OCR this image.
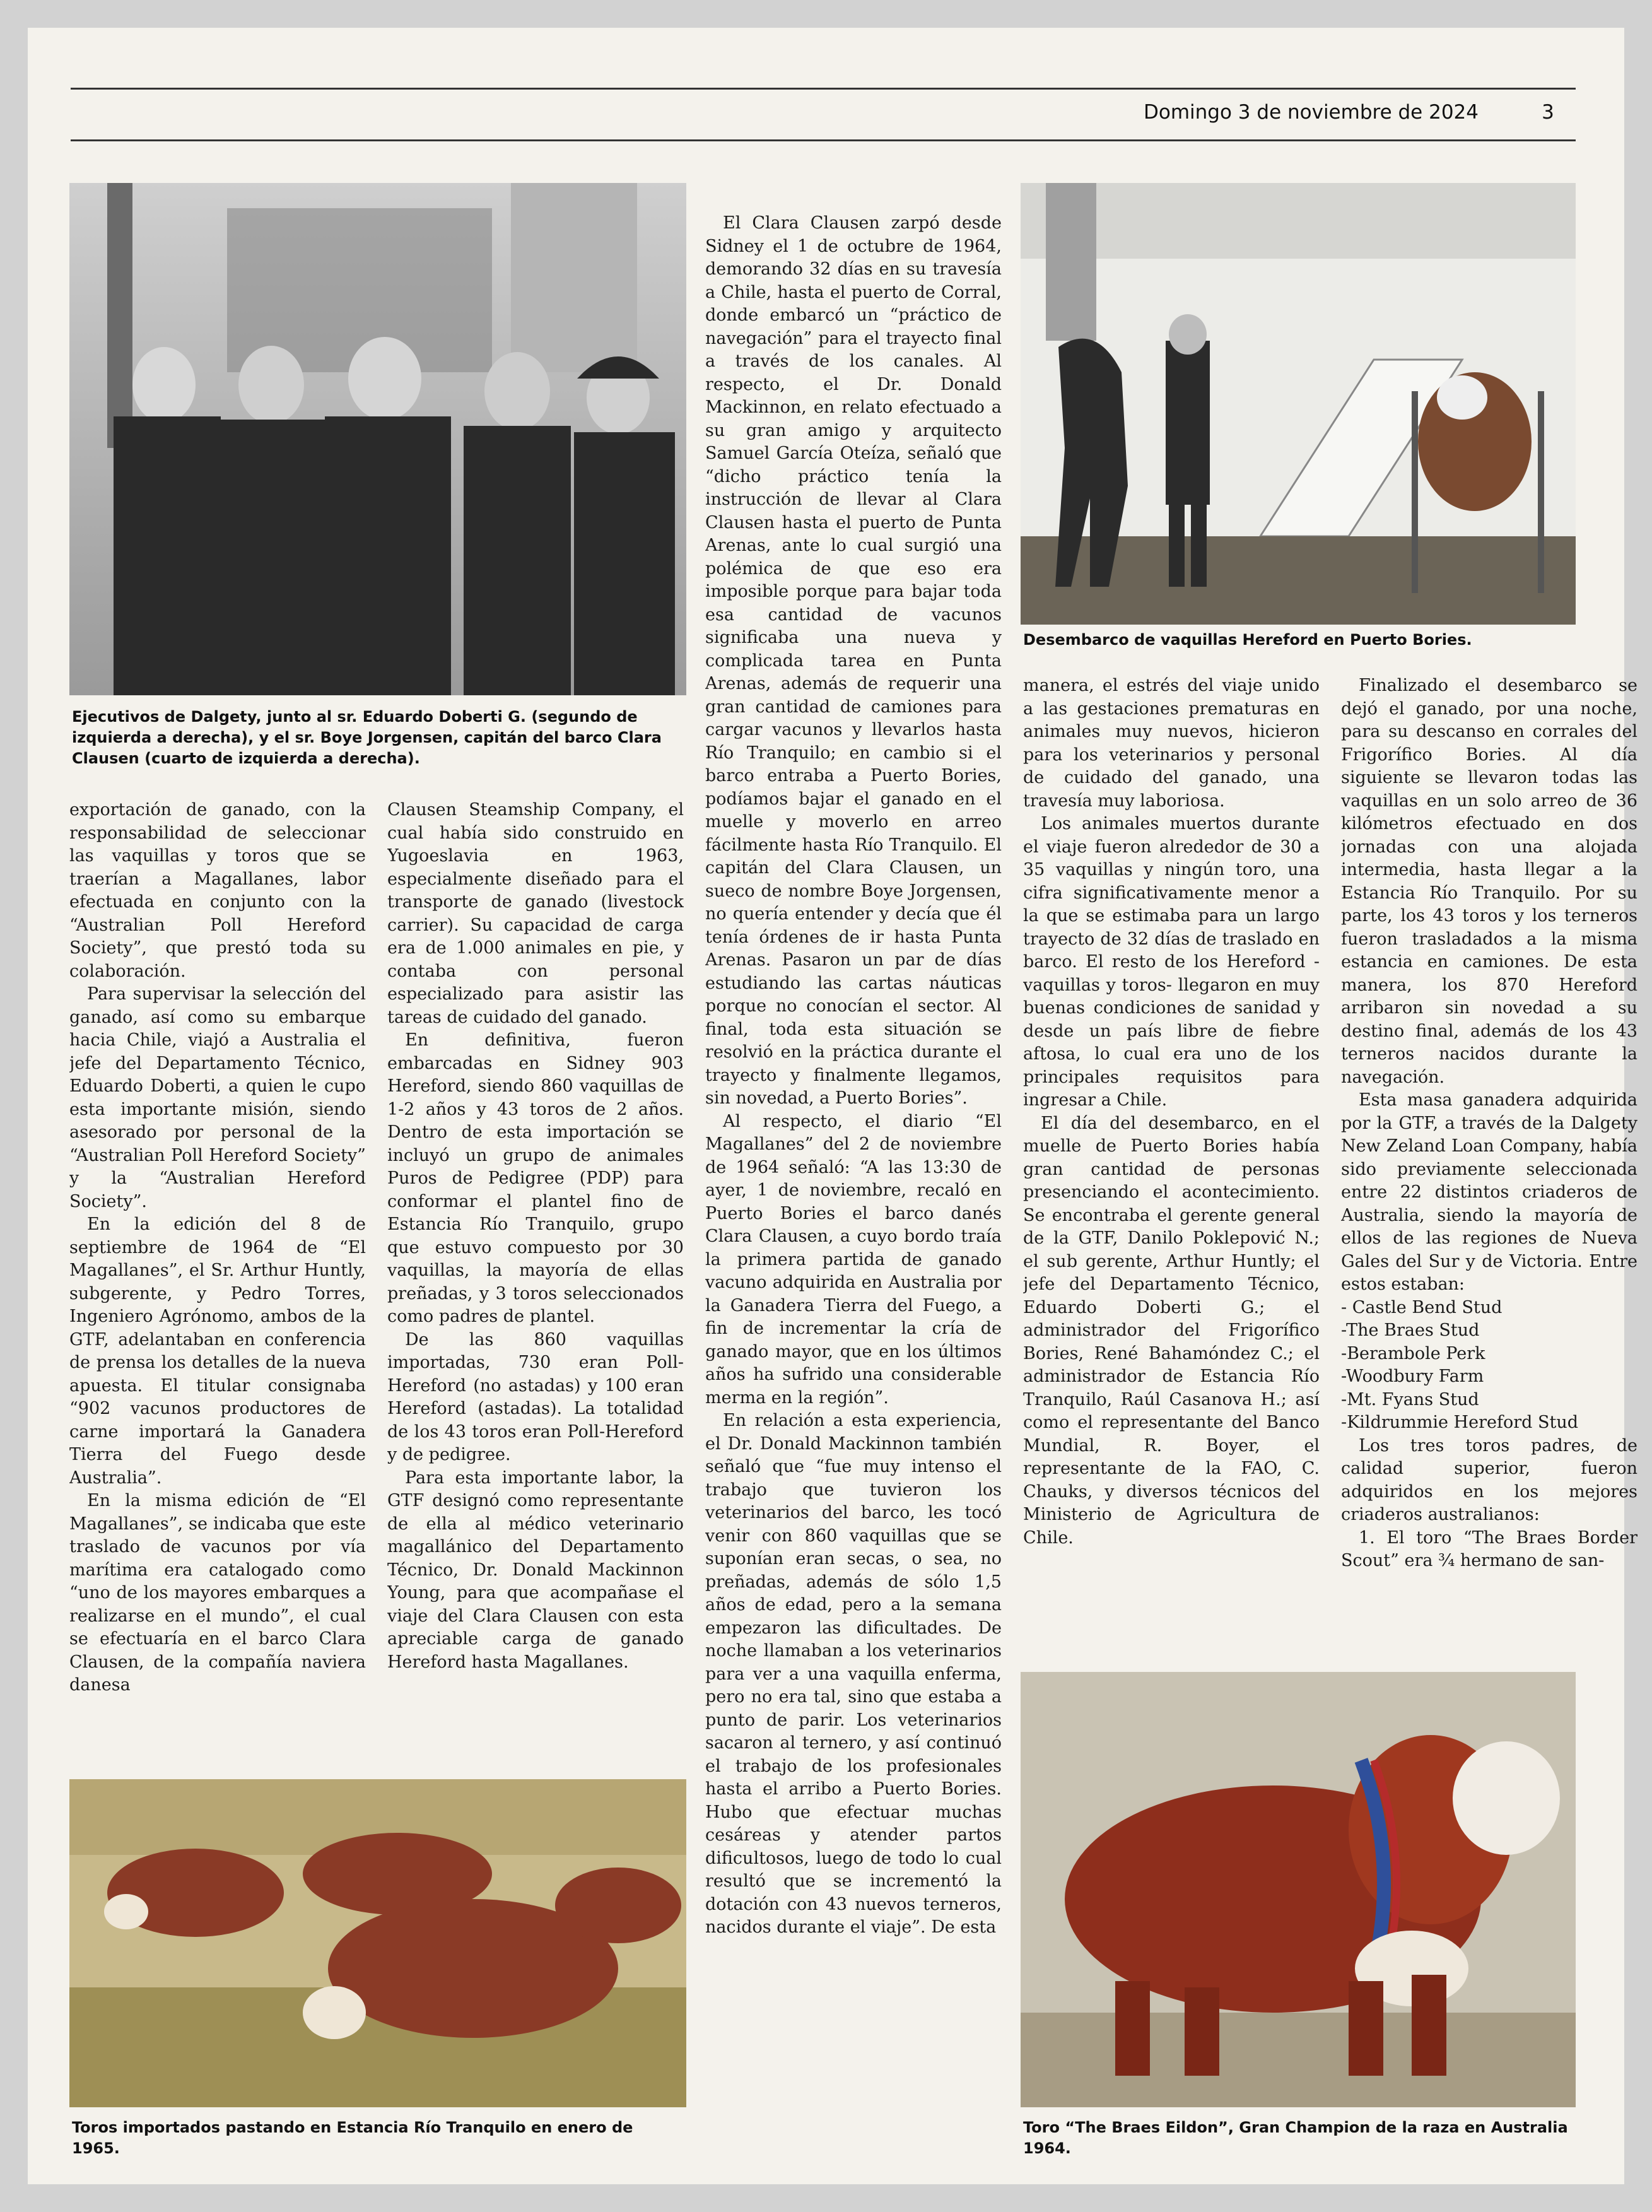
Domingo 3 de noviembre de 2024	3
Ejecutivos de Dalgety, junto al sr. Eduardo Doberti G. (segundo de izquierda a derecha), y el sr. Boye Jorgensen, capitán del barco Clara Clausen (cuarto de izquierda a derecha).

exportación de ganado, con la responsabilidad de seleccionar las vaquillas y toros que se traerían a Magallanes, labor efectuada en conjunto con la “Australian Poll Hereford Society”, que prestó toda su colaboración.

Para supervisar la selección del ganado, así como su embarque hacia Chile, viajó a Australia el jefe del Departamento Técnico, Eduardo Doberti, a quien le cupo esta importante misión, siendo asesorado por personal de la “Australian Poll Hereford Society” y la “Australian Hereford Society”.

En la edición del 8 de septiembre de 1964 de “El Magallanes”, el Sr. Arthur Huntly, subgerente, y Pedro Torres, Ingeniero Agrónomo, ambos de la GTF, adelantaban en conferencia de prensa los detalles de la nueva apuesta. El titular consignaba “902 vacunos productores de carne importará la Ganadera Tierra del Fuego desde Australia”.

En la misma edición de “El Magallanes”, se indicaba que este traslado de vacunos por vía marítima era catalogado como “uno de los mayores embarques a realizarse en el mundo”, el cual se efectuaría en el barco Clara Clausen, de la compañía naviera danesa

Clausen Steamship Company, el cual había sido construido en Yugoeslavia en 1963, especialmente diseñado para el transporte de ganado (livestock carrier). Su capacidad de carga era de 1.000 animales en pie, y contaba con personal especializado para asistir las tareas de cuidado del ganado.

En definitiva, fueron embarcadas en Sidney 903 Hereford, siendo 860 vaquillas de 1-2 años y 43 toros de 2 años. Dentro de esta importación se incluyó un grupo de animales Puros de Pedigree (PDP) para conformar el plantel fino de Estancia Río Tranquilo, grupo que estuvo compuesto por 30 vaquillas, la mayoría de ellas preñadas, y 3 toros seleccionados como padres de plantel.

De las 860 vaquillas importadas, 730 eran Poll-Hereford (no astadas) y 100 eran Hereford (astadas). La totalidad de los 43 toros eran Poll-Hereford y de pedigree.

Para esta importante labor, la GTF designó como representante de ella al médico veterinario magallánico del Departamento Técnico, Dr. Donald Mackinnon Young, para que acompañase el viaje del Clara Clausen con esta apreciable carga de ganado Hereford hasta Magallanes.

Toros importados pastando en Estancia Río Tranquilo en enero de 1965.

El Clara Clausen zarpó desde Sidney el 1 de octubre de 1964, demorando 32 días en su travesía a Chile, hasta el puerto de Corral, donde embarcó un “práctico de navegación” para el trayecto final a través de los canales. Al respecto, el Dr. Donald Mackinnon, en relato efectuado a su gran amigo y arquitecto Samuel García Oteíza, señaló que “dicho práctico tenía la instrucción de llevar al Clara Clausen hasta el puerto de Punta Arenas, ante lo cual surgió una polémica de que eso era imposible porque para bajar toda esa cantidad de vacunos significaba una nueva y complicada tarea en Punta Arenas, además de requerir una gran cantidad de camiones para cargar vacunos y llevarlos hasta Río Tranquilo; en cambio si el barco entraba a Puerto Bories, podíamos bajar el ganado en el muelle y moverlo en arreo fácilmente hasta Río Tranquilo. El capitán del Clara Clausen, un sueco de nombre Boye Jorgensen, no quería entender y decía que él tenía órdenes de ir hasta Punta Arenas. Pasaron un par de días estudiando las cartas náuticas porque no conocían el sector. Al final, toda esta situación se resolvió en la práctica durante el trayecto y finalmente llegamos, sin novedad, a Puerto Bories”.

Al respecto, el diario “El Magallanes” del 2 de noviembre de 1964 señaló: “A las 13:30 de ayer, 1 de noviembre, recaló en Puerto Bories el barco danés Clara Clausen, a cuyo bordo traía la primera partida de ganado vacuno adquirida en Australia por la Ganadera Tierra del Fuego, a fin de incrementar la cría de ganado mayor, que en los últimos años ha sufrido una considerable merma en la región”.

En relación a esta experiencia, el Dr. Donald Mackinnon también señaló que “fue muy intenso el trabajo que tuvieron los veterinarios del barco, les tocó venir con 860 vaquillas que se suponían eran secas, o sea, no preñadas, además de sólo 1,5 años de edad, pero a la semana empezaron las dificultades. De noche llamaban a los veterinarios para ver a una vaquilla enferma, pero no era tal, sino que estaba a punto de parir. Los veterinarios sacaron al ternero, y así continuó el trabajo de los profesionales hasta el arribo a Puerto Bories. Hubo que efectuar muchas cesáreas y atender partos dificultosos, luego de todo lo cual resultó que se incrementó la dotación con 43 nuevos terneros, nacidos durante el viaje”. De esta

Desembarco de vaquillas Hereford en Puerto Bories.

manera, el estrés del viaje unido a las gestaciones prematuras en animales muy nuevos, hicieron para los veterinarios y personal de cuidado del ganado, una travesía muy laboriosa.

Los animales muertos durante el viaje fueron alrededor de 30 a 35 vaquillas y ningún toro, una cifra significativamente menor a la que se estimaba para un largo trayecto de 32 días de traslado en barco. El resto de los Hereford -vaquillas y toros- llegaron en muy buenas condiciones de sanidad y desde un país libre de fiebre aftosa, lo cual era uno de los principales requisitos para ingresar a Chile.

El día del desembarco, en el muelle de Puerto Bories había gran cantidad de personas presenciando el acontecimiento. Se encontraba el gerente general de la GTF, Danilo Poklepović N.; el sub gerente, Arthur Huntly; el jefe del Departamento Técnico, Eduardo Doberti G.; el administrador del Frigorífico Bories, René Bahamóndez C.; el administrador de Estancia Río Tranquilo, Raúl Casanova H.; así como el representante del Banco Mundial, R. Boyer, el representante de la FAO, C. Chauks, y diversos técnicos del Ministerio de Agricultura de Chile.

Finalizado el desembarco se dejó el ganado, por una noche, para su descanso en corrales del Frigorífico Bories. Al día siguiente se llevaron todas las vaquillas en un solo arreo de 36 kilómetros efectuado en dos jornadas con una alojada intermedia, hasta llegar a la Estancia Río Tranquilo. Por su parte, los 43 toros y los terneros fueron trasladados a la misma estancia en camiones. De esta manera, los 870 Hereford arribaron sin novedad a su destino final, además de los 43 terneros nacidos durante la navegación.

Esta masa ganadera adquirida por la GTF, a través de la Dalgety New Zeland Loan Company, había sido previamente seleccionada entre 22 distintos criaderos de Australia, siendo la mayoría de ellos de las regiones de Nueva Gales del Sur y de Victoria. Entre estos estaban:

- Castle Bend Stud
-The Braes Stud
-Berambole Perk
-Woodbury Farm
-Mt. Fyans Stud
-Kildrummie Hereford Stud

Los tres toros padres, de calidad superior, fueron adquiridos en los mejores criaderos australianos:

1. El toro “The Braes Border Scout” era ¾ hermano de san-

Toro “The Braes Eildon”, Gran Champion de la raza en Australia 1964.
